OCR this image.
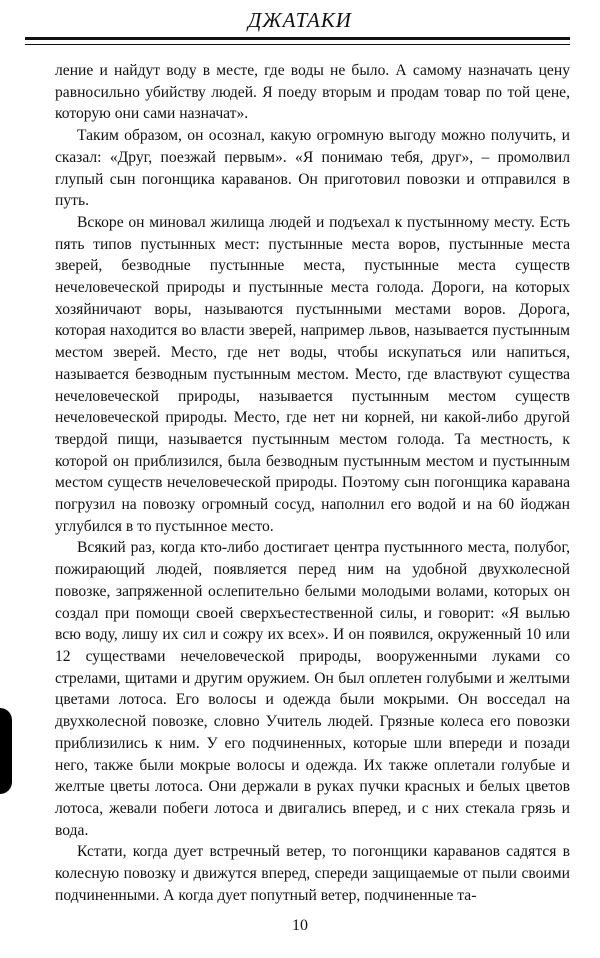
ДЖАТАКИ

ление и найдут воду в месте, где воды не было. А самому назначать цену равносильно убийству людей. Я поеду вторым и продам товар по той цене, которую они сами назначат».

Таким образом, он осознал, какую огромную выгоду можно получить, и сказал: «Друг, поезжай первым». «Я понимаю тебя, друг», – промолвил глупый сын погонщика караванов. Он приготовил повозки и отправился в путь.

Вскоре он миновал жилища людей и подъехал к пустынному месту. Есть пять типов пустынных мест: пустынные места воров, пустынные места зверей, безводные пустынные места, пустынные места существ нечеловеческой природы и пустынные места голода. Дороги, на которых хозяйничают воры, называются пустынными местами воров. Дорога, которая находится во власти зверей, например львов, называется пустынным местом зверей. Место, где нет воды, чтобы искупаться или напиться, называется безводным пустынным местом. Место, где властвуют существа нечеловеческой природы, называется пустынным местом существ нечеловеческой природы. Место, где нет ни корней, ни какой-либо другой твердой пищи, называется пустынным местом голода. Та местность, к которой он приблизился, была безводным пустынным местом и пустынным местом существ нечеловеческой природы. Поэтому сын погонщика каравана погрузил на повозку огромный сосуд, наполнил его водой и на 60 йоджан углубился в то пустынное место.

Всякий раз, когда кто-либо достигает центра пустынного места, полубог, пожирающий людей, появляется перед ним на удобной двухколесной повозке, запряженной ослепительно белыми молодыми волами, которых он создал при помощи своей сверхъестественной силы, и говорит: «Я вылью всю воду, лишу их сил и сожру их всех». И он появился, окруженный 10 или 12 существами нечеловеческой природы, вооруженными луками со стрелами, щитами и другим оружием. Он был оплетен голубыми и желтыми цветами лотоса. Его волосы и одежда были мокрыми. Он восседал на двухколесной повозке, словно Учитель людей. Грязные колеса его повозки приблизились к ним. У его подчиненных, которые шли впереди и позади него, также были мокрые волосы и одежда. Их также оплетали голубые и желтые цветы лотоса. Они держали в руках пучки красных и белых цветов лотоса, жевали побеги лотоса и двигались вперед, и с них стекала грязь и вода.

Кстати, когда дует встречный ветер, то погонщики караванов садятся в колесную повозку и движутся вперед, спереди защищаемые от пыли своими подчиненными. А когда дует попутный ветер, подчиненные та-

10
